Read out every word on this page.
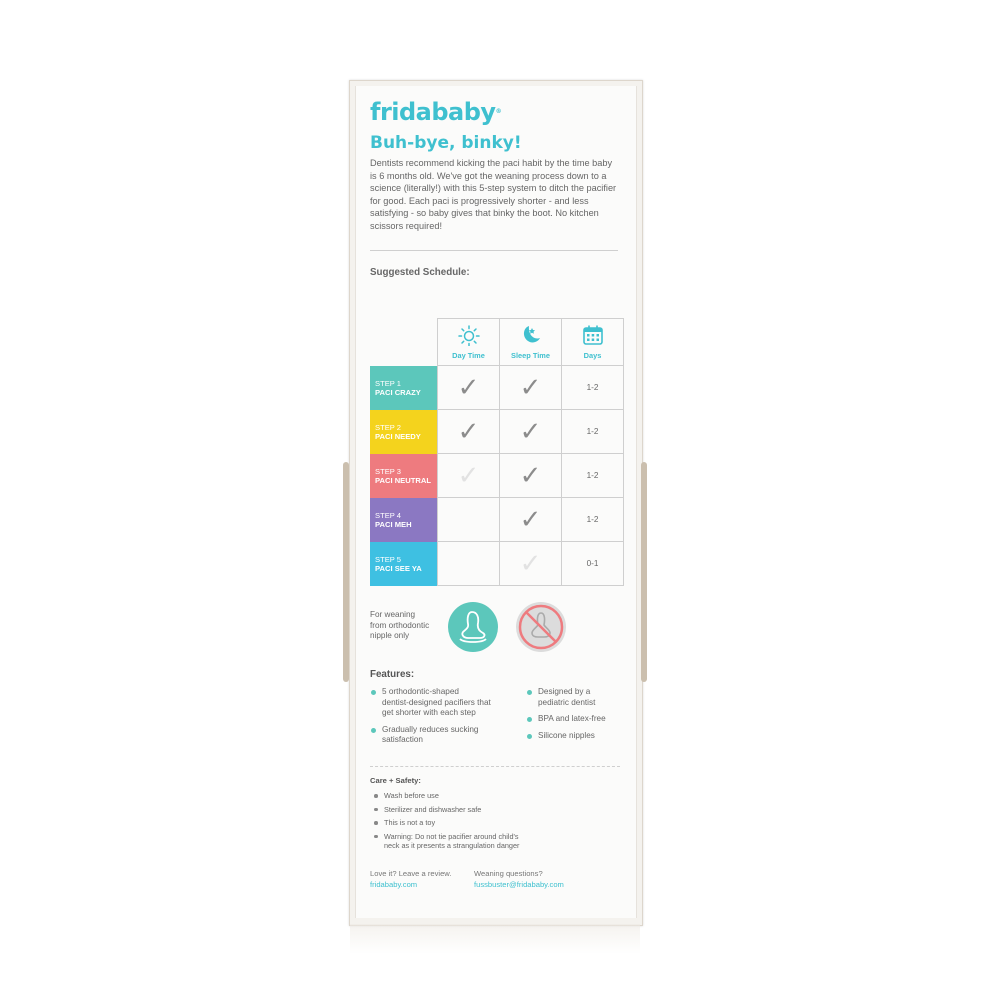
fridababy®

Buh-bye, binky!

Dentists recommend kicking the paci habit by the time baby is 6 months old. We've got the weaning process down to a science (literally!) with this 5-step system to ditch the pacifier for good. Each paci is progressively shorter - and less satisfying - so baby gives that binky the boot. No kitchen scissors required!

Suggested Schedule:

	Day Time	Sleep Time	Days

STEP 1
PACI CRAZY	✓	✓	1-2

STEP 2
PACI NEEDY	✓	✓	1-2

STEP 3
PACI NEUTRAL	✓	✓	1-2

STEP 4
PACI MEH		✓	1-2

STEP 5
PACI SEE YA		✓	0-1
For weaning
from orthodontic
nipple only
Features:
5 orthodontic-shaped
dentist-designed pacifiers that
get shorter with each step
Gradually reduces sucking
satisfaction
Designed by a
pediatric dentist
BPA and latex-free
Silicone nipples
Care + Safety:
Wash before use
Sterilizer and dishwasher safe
This is not a toy
Warning: Do not tie pacifier around child's
neck as it presents a strangulation danger
Love it? Leave a review.
fridababy.com
Weaning questions?
fussbuster@fridababy.com
